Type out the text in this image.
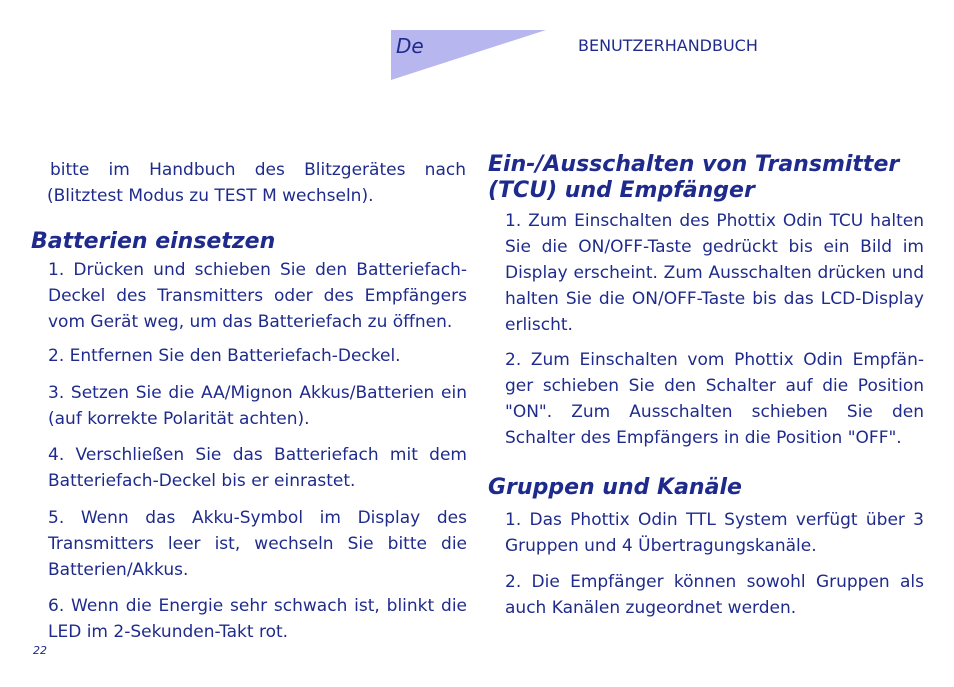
De	BENUTZERHANDBUCH

bitte im Handbuch des Blitzgerätes nach (Blitztest Modus zu TEST M wechseln).

Batterien einsetzen

1. Drücken und schieben Sie den Batteriefach-Deckel des Transmitters oder des Empfängers vom Gerät weg, um das Batteriefach zu öffnen.

2. Entfernen Sie den Batteriefach-Deckel.

3. Setzen Sie die AA/Mignon Akkus/Batterien ein (auf korrekte Polarität achten).

4. Verschließen Sie das Batteriefach mit dem Batteriefach-Deckel bis er einrastet.

5. Wenn das Akku-Symbol im Display des Transmitters leer ist, wechseln Sie bitte die Batterien/Akkus.

6. Wenn die Energie sehr schwach ist, blinkt die LED im 2-Sekunden-Takt rot.

Ein-/Ausschalten von Transmitter (TCU) und Empfänger

1. Zum Einschalten des Phottix Odin TCU halten Sie die ON/OFF-Taste gedrückt bis ein Bild im Display erscheint. Zum Ausschalten drücken und halten Sie die ON/OFF-Taste bis das LCD-Display erlischt.

2. Zum Einschalten vom Phottix Odin Empfän-ger schieben Sie den Schalter auf die Position "ON". Zum Ausschalten schieben Sie den Schalter des Empfängers in die Position "OFF".

Gruppen und Kanäle

1. Das Phottix Odin TTL System verfügt über 3 Gruppen und 4 Übertragungskanäle.

2. Die Empfänger können sowohl Gruppen als auch Kanälen zugeordnet werden.

22
